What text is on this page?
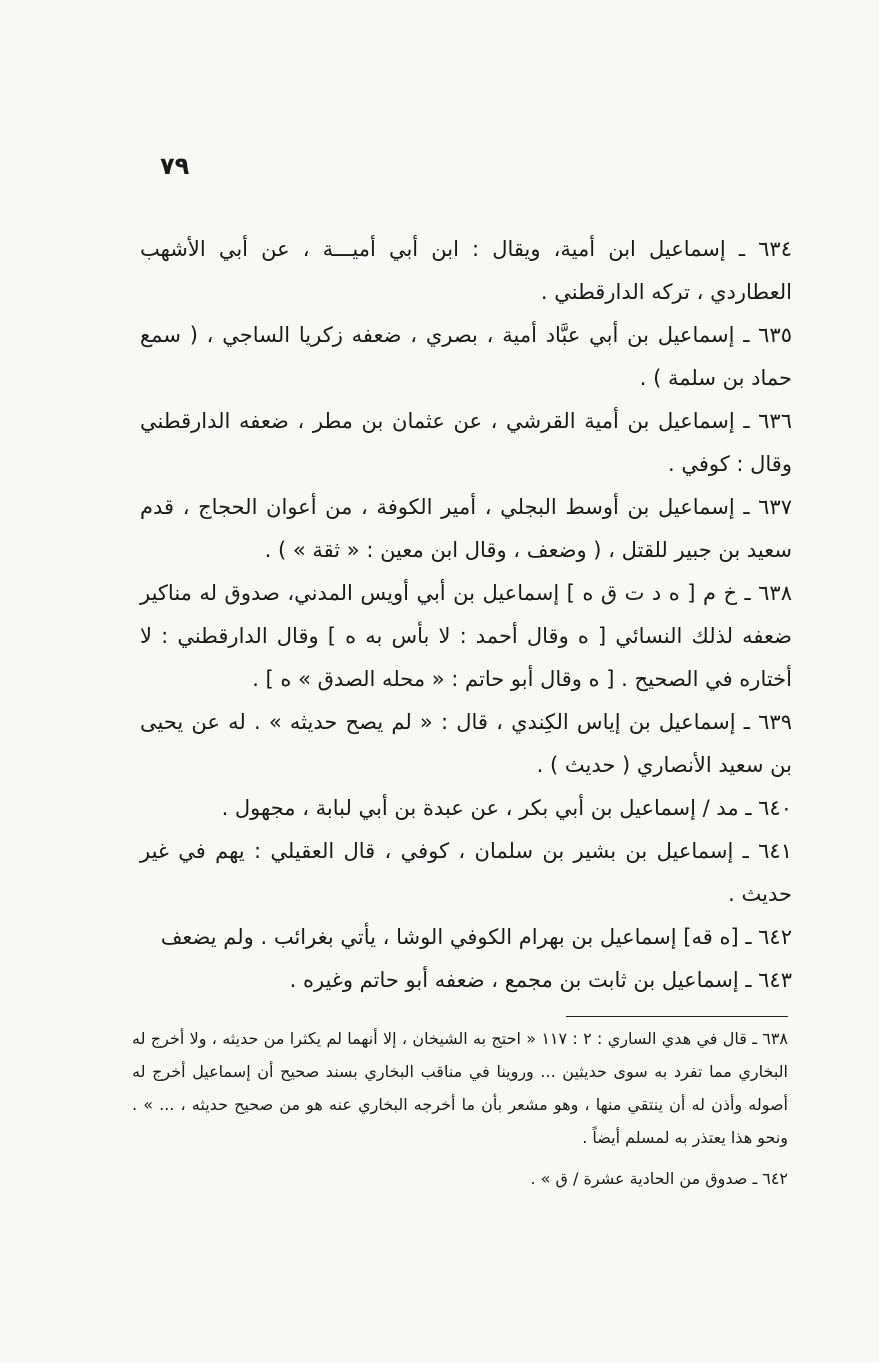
٧٩

٦٣٤ ـ إسماعيل ابن أمية، ويقال : ابن أبي أميـــة ، عن أبي الأشهب العطاردي ، تركه الدارقطني .

٦٣٥ ـ إسماعيل بن أبي عبَّاد أمية ، بصري ، ضعفه زكريا الساجي ، ( سمع حماد بن سلمة ) .

٦٣٦ ـ إسماعيل بن أمية القرشي ، عن عثمان بن مطر ، ضعفه الدارقطني وقال : كوفي .

٦٣٧ ـ إسماعيل بن أوسط البجلي ، أمير الكوفة ، من أعوان الحجاج ، قدم سعيد بن جبير للقتل ، ( وضعف ، وقال ابن معين : « ثقة » ) .

٦٣٨ ـ خ م [ ه د ت ق ه ] إسماعيل بن أبي أويس المدني، صدوق له مناكير ضعفه لذلك النسائي [ ه وقال أحمد : لا بأس به ه ] وقال الدارقطني : لا أختاره في الصحيح . [ ه وقال أبو حاتم : « محله الصدق » ه ] .

٦٣٩ ـ إسماعيل بن إياس الكِندي ، قال : « لم يصح حديثه » . له عن يحيى بن سعيد الأنصاري ( حديث ) .

٦٤٠ ـ مد / إسماعيل بن أبي بكر ، عن عبدة بن أبي لبابة ، مجهول .

٦٤١ ـ إسماعيل بن بشير بن سلمان ، كوفي ، قال العقيلي : يهم في غير حديث .

٦٤٢ ـ [ه قه] إسماعيل بن بهرام الكوفي الوشا ، يأتي بغرائب . ولم يضعف

٦٤٣ ـ إسماعيل بن ثابت بن مجمع ، ضعفه أبو حاتم وغيره .

٦٣٨ ـ قال في هدي الساري : ٢ : ١١٧ « احتج به الشيخان ، إلا أنهما لم يكثرا من حديثه ، ولا أخرج له البخاري مما تفرد به سوى حديثين ... وروينا في مناقب البخاري بسند صحيح أن إسماعيل أخرج له أصوله وأذن له أن ينتقي منها ، وهو مشعر بأن ما أخرجه البخاري عنه هو من صحيح حديثه ، ... » . ونحو هذا يعتذر به لمسلم أيضاً .

٦٤٢ ـ صدوق من الحادية عشرة / ق » .
